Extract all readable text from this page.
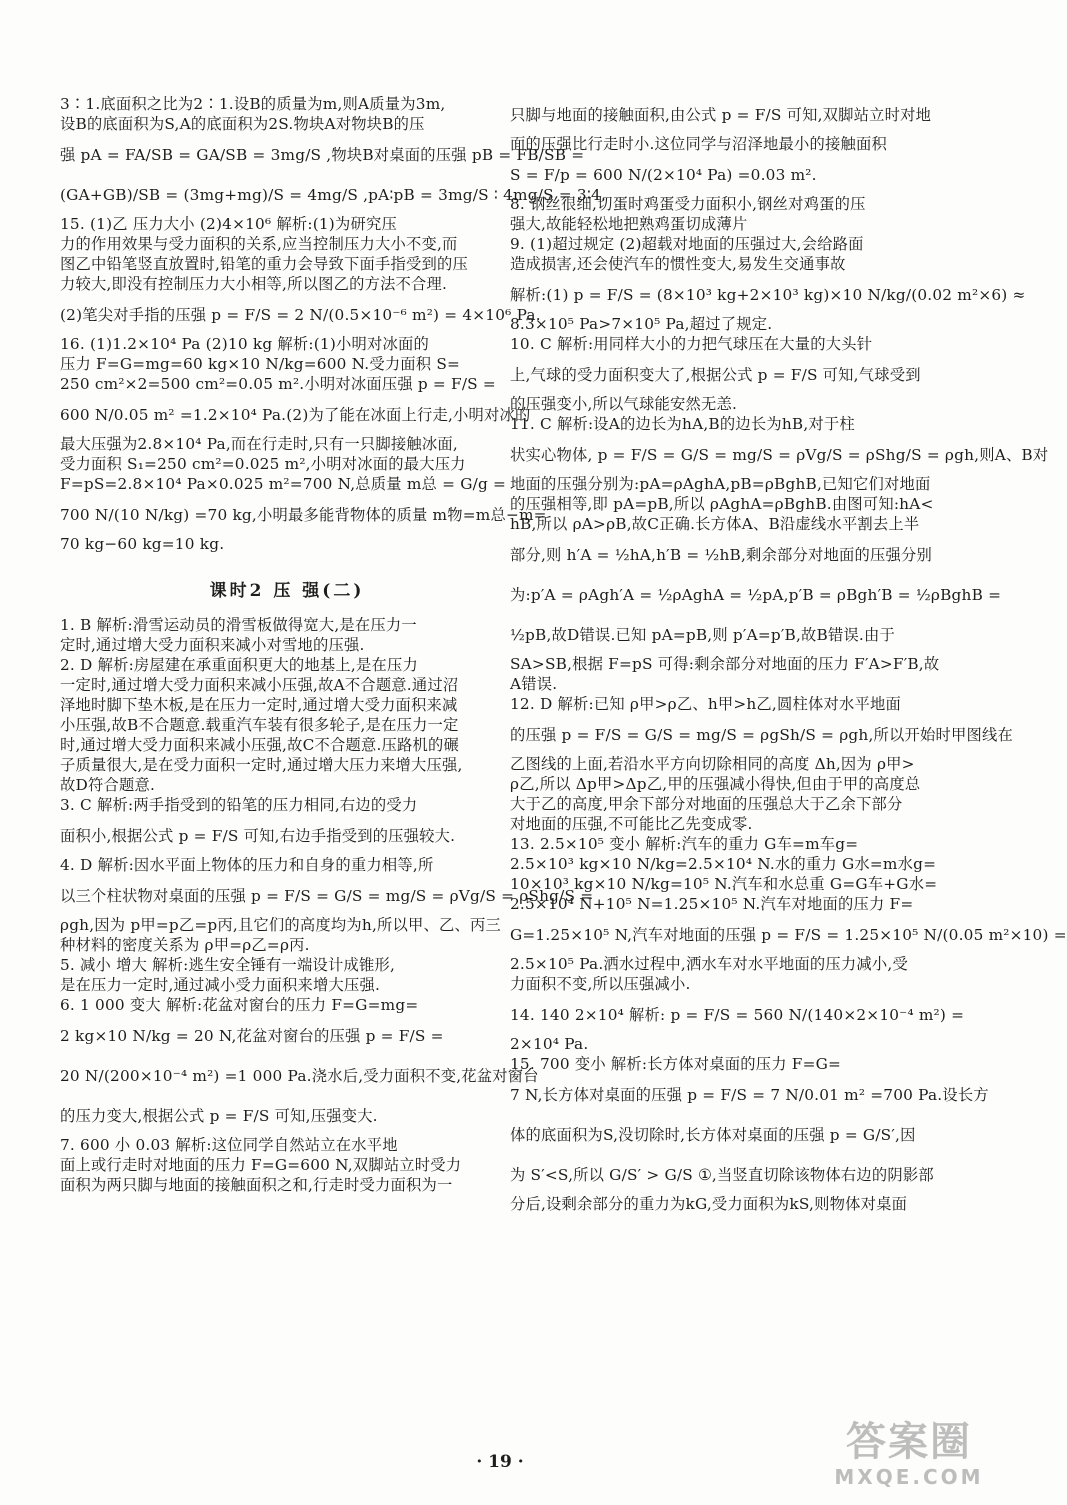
3∶1.底面积之比为2∶1.设B的质量为m,则A质量为3m,

设B的底面积为S,A的底面积为2S.物块A对物块B的压

强 pA = FA/SB = GA/SB = 3mg/S ,物块B对桌面的压强 pB = FB/SB =

(GA+GB)/SB = (3mg+mg)/S = 4mg/S ,pA∶pB = 3mg/S ∶ 4mg/S = 3∶4.

15. (1)乙 压力大小 (2)4×10⁶ 解析:(1)为研究压

力的作用效果与受力面积的关系,应当控制压力大小不变,而

图乙中铅笔竖直放置时,铅笔的重力会导致下面手指受到的压

力较大,即没有控制压力大小相等,所以图乙的方法不合理.

(2)笔尖对手指的压强 p = F/S = 2 N/(0.5×10⁻⁶ m²) = 4×10⁶ Pa.

16. (1)1.2×10⁴ Pa (2)10 kg 解析:(1)小明对冰面的

压力 F=G=mg=60 kg×10 N/kg=600 N.受力面积 S=

250 cm²×2=500 cm²=0.05 m².小明对冰面压强 p = F/S =

600 N/0.05 m² =1.2×10⁴ Pa.(2)为了能在冰面上行走,小明对冰的

最大压强为2.8×10⁴ Pa,而在行走时,只有一只脚接触冰面,

受力面积 S₁=250 cm²=0.025 m²,小明对冰面的最大压力

F=pS=2.8×10⁴ Pa×0.025 m²=700 N,总质量 m总 = G/g =

700 N/(10 N/kg) =70 kg,小明最多能背物体的质量 m物=m总−m=

70 kg−60 kg=10 kg.

课时2 压 强(二)

1. B 解析:滑雪运动员的滑雪板做得宽大,是在压力一

定时,通过增大受力面积来减小对雪地的压强.

2. D 解析:房屋建在承重面积更大的地基上,是在压力

一定时,通过增大受力面积来减小压强,故A不合题意.通过沼

泽地时脚下垫木板,是在压力一定时,通过增大受力面积来减

小压强,故B不合题意.载重汽车装有很多轮子,是在压力一定

时,通过增大受力面积来减小压强,故C不合题意.压路机的碾

子质量很大,是在受力面积一定时,通过增大压力来增大压强,

故D符合题意.

3. C 解析:两手指受到的铅笔的压力相同,右边的受力

面积小,根据公式 p = F/S 可知,右边手指受到的压强较大.

4. D 解析:因水平面上物体的压力和自身的重力相等,所

以三个柱状物对桌面的压强 p = F/S = G/S = mg/S = ρVg/S = ρShg/S =

ρgh,因为 p甲=p乙=p丙,且它们的高度均为h,所以甲、乙、丙三

种材料的密度关系为 ρ甲=ρ乙=ρ丙.

5. 减小 增大 解析:逃生安全锤有一端设计成锥形,

是在压力一定时,通过减小受力面积来增大压强.

6. 1 000 变大 解析:花盆对窗台的压力 F=G=mg=

2 kg×10 N/kg = 20 N,花盆对窗台的压强 p = F/S =

20 N/(200×10⁻⁴ m²) =1 000 Pa.浇水后,受力面积不变,花盆对窗台

的压力变大,根据公式 p = F/S 可知,压强变大.

7. 600 小 0.03 解析:这位同学自然站立在水平地

面上或行走时对地面的压力 F=G=600 N,双脚站立时受力

面积为两只脚与地面的接触面积之和,行走时受力面积为一

只脚与地面的接触面积,由公式 p = F/S 可知,双脚站立时对地

面的压强比行走时小.这位同学与沼泽地最小的接触面积

S = F/p = 600 N/(2×10⁴ Pa) =0.03 m².

8. 钢丝很细,切蛋时鸡蛋受力面积小,钢丝对鸡蛋的压

强大,故能轻松地把熟鸡蛋切成薄片

9. (1)超过规定 (2)超载对地面的压强过大,会给路面

造成损害,还会使汽车的惯性变大,易发生交通事故

解析:(1) p = F/S = (8×10³ kg+2×10³ kg)×10 N/kg/(0.02 m²×6) ≈

8.3×10⁵ Pa>7×10⁵ Pa,超过了规定.

10. C 解析:用同样大小的力把气球压在大量的大头针

上,气球的受力面积变大了,根据公式 p = F/S 可知,气球受到

的压强变小,所以气球能安然无恙.

11. C 解析:设A的边长为hA,B的边长为hB,对于柱

状实心物体, p = F/S = G/S = mg/S = ρVg/S = ρShg/S = ρgh,则A、B对

地面的压强分别为:pA=ρAghA,pB=ρBghB,已知它们对地面

的压强相等,即 pA=pB,所以 ρAghA=ρBghB.由图可知:hA<

hB,所以 ρA>ρB,故C正确.长方体A、B沿虚线水平割去上半

部分,则 h′A = ½hA,h′B = ½hB,剩余部分对地面的压强分别

为:p′A = ρAgh′A = ½ρAghA = ½pA,p′B = ρBgh′B = ½ρBghB =

½pB,故D错误.已知 pA=pB,则 p′A=p′B,故B错误.由于

SA>SB,根据 F=pS 可得:剩余部分对地面的压力 F′A>F′B,故

A错误.

12. D 解析:已知 ρ甲>ρ乙、h甲>h乙,圆柱体对水平地面

的压强 p = F/S = G/S = mg/S = ρgSh/S = ρgh,所以开始时甲图线在

乙图线的上面,若沿水平方向切除相同的高度 Δh,因为 ρ甲>

ρ乙,所以 Δp甲>Δp乙,甲的压强减小得快,但由于甲的高度总

大于乙的高度,甲余下部分对地面的压强总大于乙余下部分

对地面的压强,不可能比乙先变成零.

13. 2.5×10⁵ 变小 解析:汽车的重力 G车=m车g=

2.5×10³ kg×10 N/kg=2.5×10⁴ N.水的重力 G水=m水g=

10×10³ kg×10 N/kg=10⁵ N.汽车和水总重 G=G车+G水=

2.5×10⁴ N+10⁵ N=1.25×10⁵ N.汽车对地面的压力 F=

G=1.25×10⁵ N,汽车对地面的压强 p = F/S = 1.25×10⁵ N/(0.05 m²×10) =

2.5×10⁵ Pa.洒水过程中,洒水车对水平地面的压力减小,受

力面积不变,所以压强减小.

14. 140 2×10⁴ 解析: p = F/S = 560 N/(140×2×10⁻⁴ m²) =

2×10⁴ Pa.

15. 700 变小 解析:长方体对桌面的压力 F=G=

7 N,长方体对桌面的压强 p = F/S = 7 N/0.01 m² =700 Pa.设长方

体的底面积为S,没切除时,长方体对桌面的压强 p = G/S′,因

为 S′<S,所以 G/S′ > G/S ①,当竖直切除该物体右边的阴影部

分后,设剩余部分的重力为kG,受力面积为kS,则物体对桌面

· 19 ·	答案圈
MXQE.COM
